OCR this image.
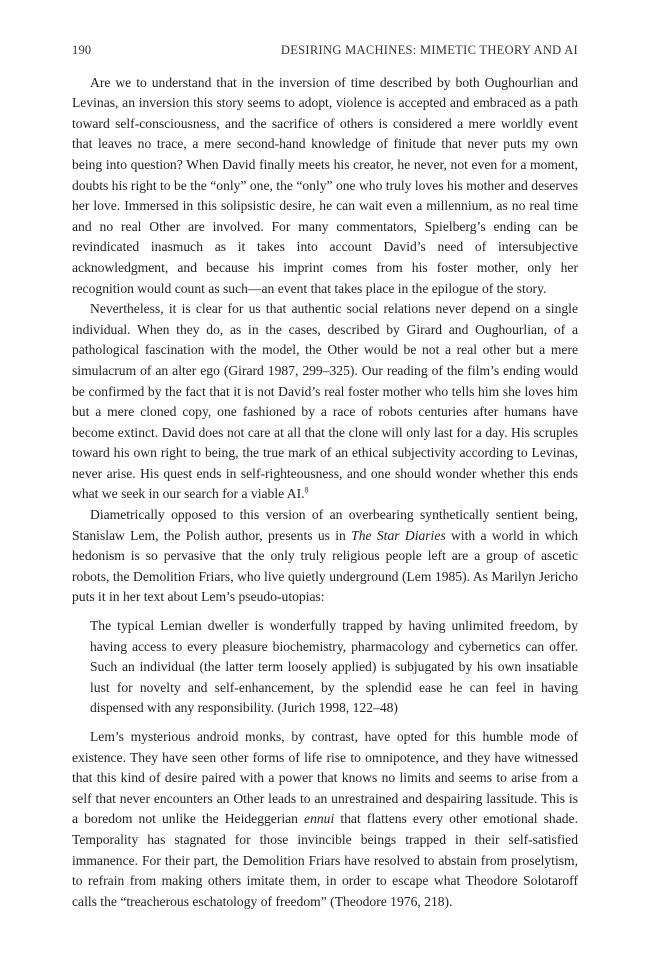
190	DESIRING MACHINES: MIMETIC THEORY AND AI

Are we to understand that in the inversion of time described by both Oughourlian and Levinas, an inversion this story seems to adopt, violence is accepted and embraced as a path toward self-consciousness, and the sacrifice of others is considered a mere worldly event that leaves no trace, a mere second-hand knowledge of finitude that never puts my own being into question? When David finally meets his creator, he never, not even for a moment, doubts his right to be the “only” one, the “only” one who truly loves his mother and deserves her love. Immersed in this solipsistic desire, he can wait even a millennium, as no real time and no real Other are involved. For many commentators, Spielberg’s ending can be revindicated inasmuch as it takes into account David’s need of intersubjective acknowledgment, and because his imprint comes from his foster mother, only her recognition would count as such—an event that takes place in the epilogue of the story.

Nevertheless, it is clear for us that authentic social relations never depend on a single individual. When they do, as in the cases, described by Girard and Oughourlian, of a pathological fascination with the model, the Other would be not a real other but a mere simulacrum of an alter ego (Girard 1987, 299–325). Our reading of the film’s ending would be confirmed by the fact that it is not David’s real foster mother who tells him she loves him but a mere cloned copy, one fashioned by a race of robots centuries after humans have become extinct. David does not care at all that the clone will only last for a day. His scruples toward his own right to being, the true mark of an ethical subjectivity according to Levinas, never arise. His quest ends in self-righteousness, and one should wonder whether this ends what we seek in our search for a viable AI.$^8$

Diametrically opposed to this version of an overbearing synthetically sentient being, Stanislaw Lem, the Polish author, presents us in The Star Diaries with a world in which hedonism is so pervasive that the only truly religious people left are a group of ascetic robots, the Demolition Friars, who live quietly underground (Lem 1985). As Marilyn Jericho puts it in her text about Lem’s pseudo-utopias:

The typical Lemian dweller is wonderfully trapped by having unlimited freedom, by having access to every pleasure biochemistry, pharmacology and cybernetics can offer. Such an individual (the latter term loosely applied) is subjugated by his own insatiable lust for novelty and self-enhancement, by the splendid ease he can feel in having dispensed with any responsibility. (Jurich 1998, 122–48)

Lem’s mysterious android monks, by contrast, have opted for this humble mode of existence. They have seen other forms of life rise to omnipotence, and they have witnessed that this kind of desire paired with a power that knows no limits and seems to arise from a self that never encounters an Other leads to an unrestrained and despairing lassitude. This is a boredom not unlike the Heideggerian ennui that flattens every other emotional shade. Temporality has stagnated for those invincible beings trapped in their self-satisfied immanence. For their part, the Demolition Friars have resolved to abstain from proselytism, to refrain from making others imitate them, in order to escape what Theodore Solotaroff calls the “treacherous eschatology of freedom” (Theodore 1976, 218).
